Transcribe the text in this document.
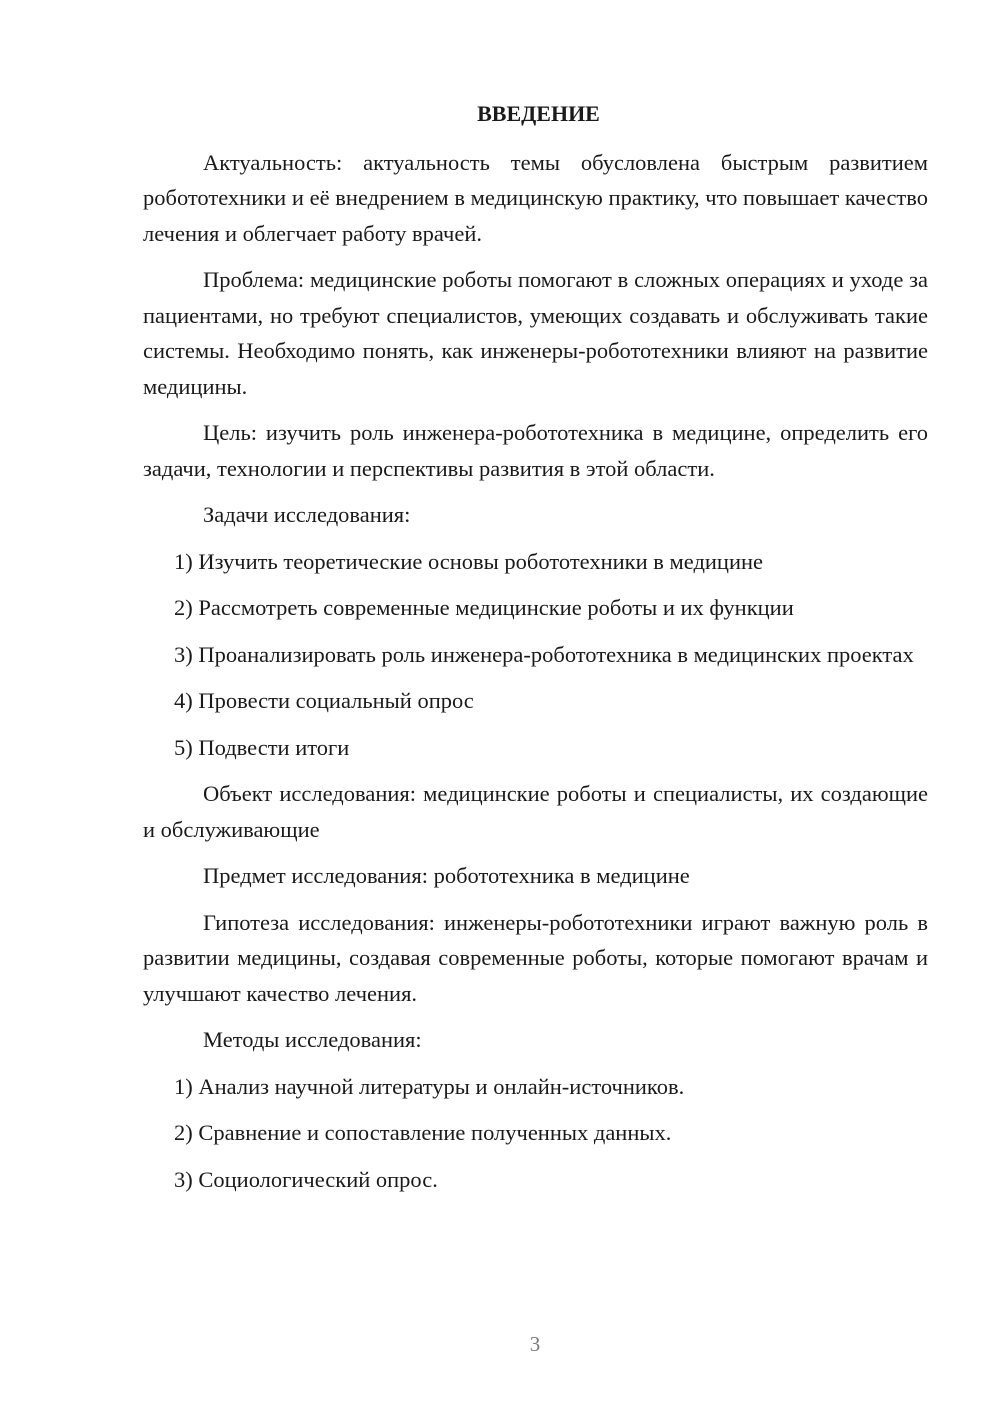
ВВЕДЕНИЕ

Актуальность: актуальность темы обусловлена быстрым развитием робототехники и её внедрением в медицинскую практику, что повышает качество лечения и облегчает работу врачей.

Проблема: медицинские роботы помогают в сложных операциях и уходе за пациентами, но требуют специалистов, умеющих создавать и обслуживать такие системы. Необходимо понять, как инженеры-робототехники влияют на развитие медицины.

Цель: изучить роль инженера-робототехника в медицине, определить его задачи, технологии и перспективы развития в этой области.

Задачи исследования:

1) Изучить теоретические основы робототехники в медицине

2) Рассмотреть современные медицинские роботы и их функции

3) Проанализировать роль инженера-робототехника в медицинских проектах

4) Провести социальный опрос

5) Подвести итоги

Объект исследования: медицинские роботы и специалисты, их создающие и обслуживающие

Предмет исследования: робототехника в медицине

Гипотеза исследования: инженеры-робототехники играют важную роль в развитии медицины, создавая современные роботы, которые помогают врачам и улучшают качество лечения.

Методы исследования:

1) Анализ научной литературы и онлайн-источников.

2) Сравнение и сопоставление полученных данных.

3) Социологический опрос.

3
